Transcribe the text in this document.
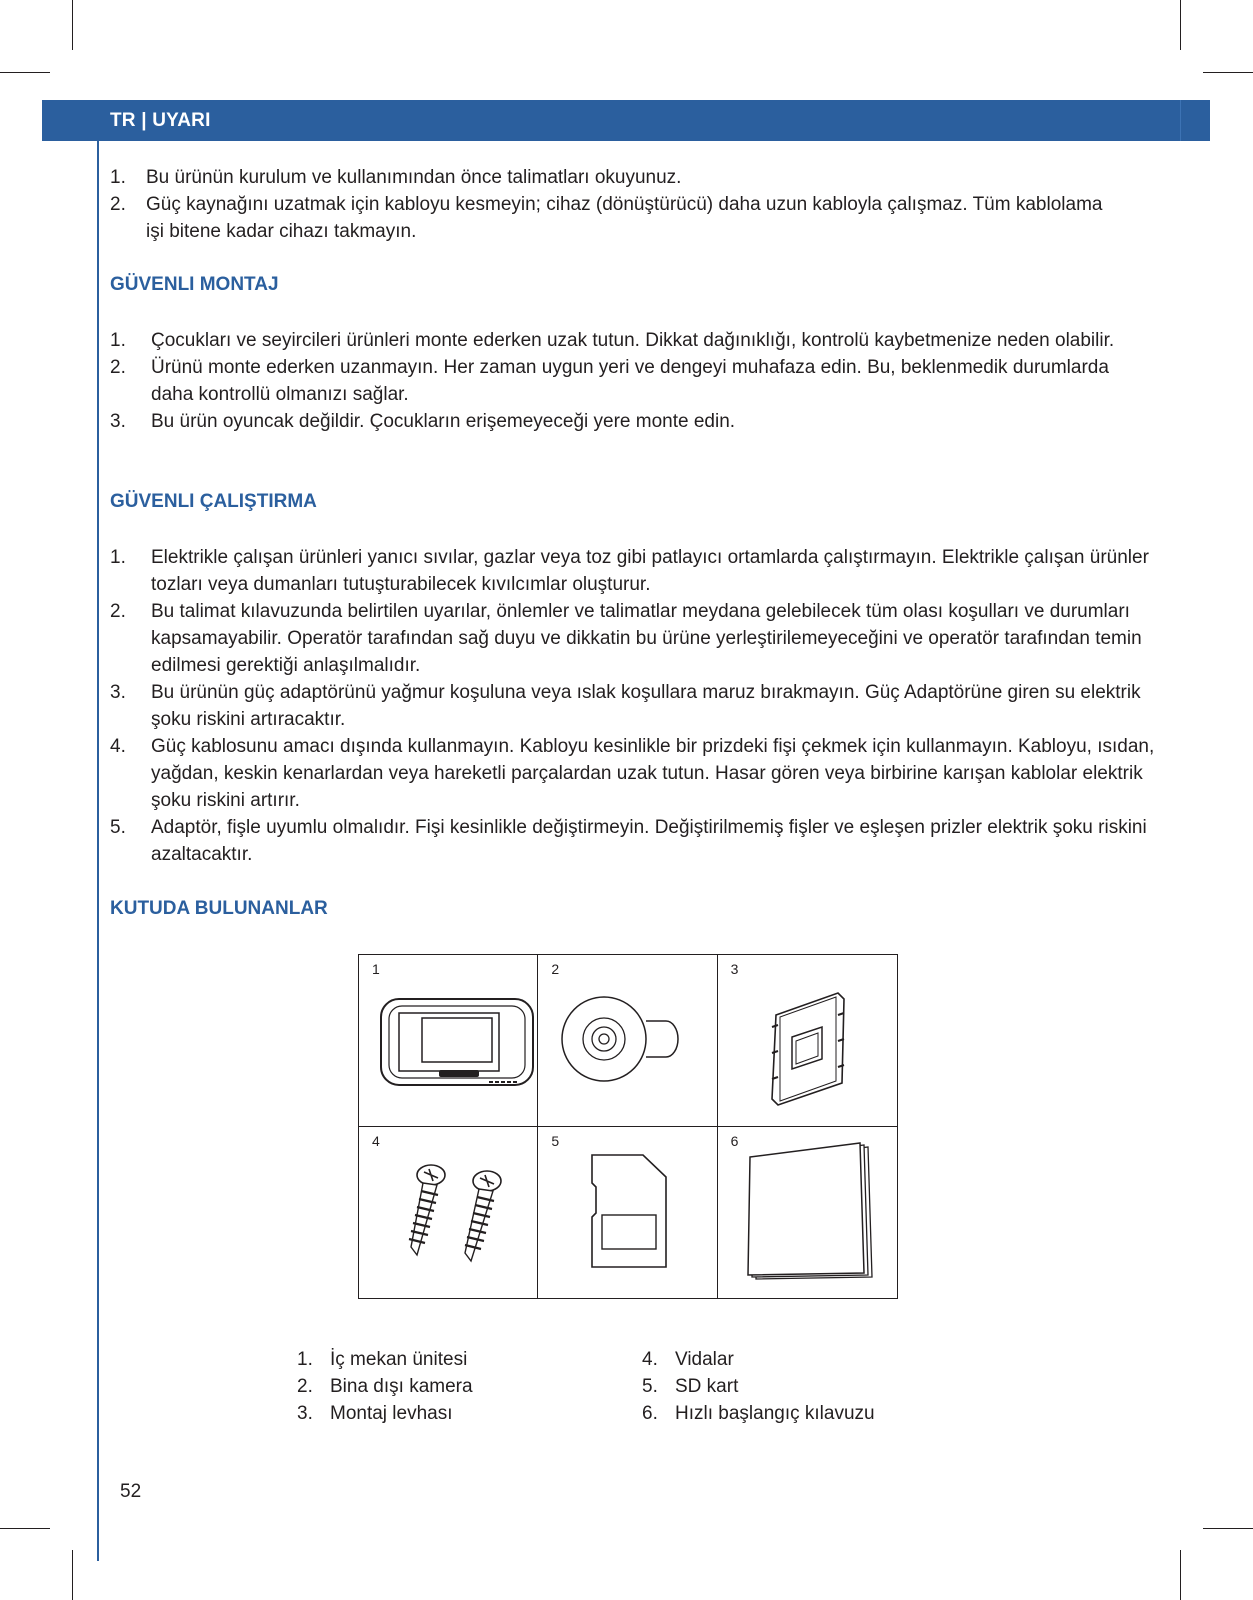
TR | UYARI
1. Bu ürünün kurulum ve kullanımından önce talimatları okuyunuz.
2. Güç kaynağını uzatmak için kabloyu kesmeyin; cihaz (dönüştürücü) daha uzun kabloyla çalışmaz. Tüm kablolama işi bitene kadar cihazı takmayın.
GÜVENLI MONTAJ
1. Çocukları ve seyircileri ürünleri monte ederken uzak tutun. Dikkat dağınıklığı, kontrolü kaybetmenize neden olabilir.
2. Ürünü monte ederken uzanmayın. Her zaman uygun yeri ve dengeyi muhafaza edin. Bu, beklenmedik durumlarda daha kontrollü olmanızı sağlar.
3. Bu ürün oyuncak değildir. Çocukların erişemeyeceği yere monte edin.
GÜVENLI ÇALIŞTIRMA
1. Elektrikle çalışan ürünleri yanıcı sıvılar, gazlar veya toz gibi patlayıcı ortamlarda çalıştırmayın. Elektrikle çalışan ürünler tozları veya dumanları tutuşturabilecek kıvılcımlar oluşturur.
2. Bu talimat kılavuzunda belirtilen uyarılar, önlemler ve talimatlar meydana gelebilecek tüm olası koşulları ve durumları kapsamayabilir. Operatör tarafından sağ duyu ve dikkatin bu ürüne yerleştirilemeyeceğini ve operatör tarafından temin edilmesi gerektiği anlaşılmalıdır.
3. Bu ürünün güç adaptörünü yağmur koşuluna veya ıslak koşullara maruz bırakmayın. Güç Adaptörüne giren su elektrik şoku riskini artıracaktır.
4. Güç kablosunu amacı dışında kullanmayın. Kabloyu kesinlikle bir prizdeki fişi çekmek için kullanmayın. Kabloyu, ısıdan, yağdan, keskin kenarlardan veya hareketli parçalardan uzak tutun. Hasar gören veya birbirine karışan kablolar elektrik şoku riskini artırır.
5. Adaptör, fişle uyumlu olmalıdır. Fişi kesinlikle değiştirmeyin. Değiştirilmemiş fişler ve eşleşen prizler elektrik şoku riskini azaltacaktır.
KUTUDA BULUNANLAR
1	2	3
4	5	6
1. İç mekan ünitesi
2. Bina dışı kamera
3. Montaj levhası
4. Vidalar
5. SD kart
6. Hızlı başlangıç kılavuzu
52
